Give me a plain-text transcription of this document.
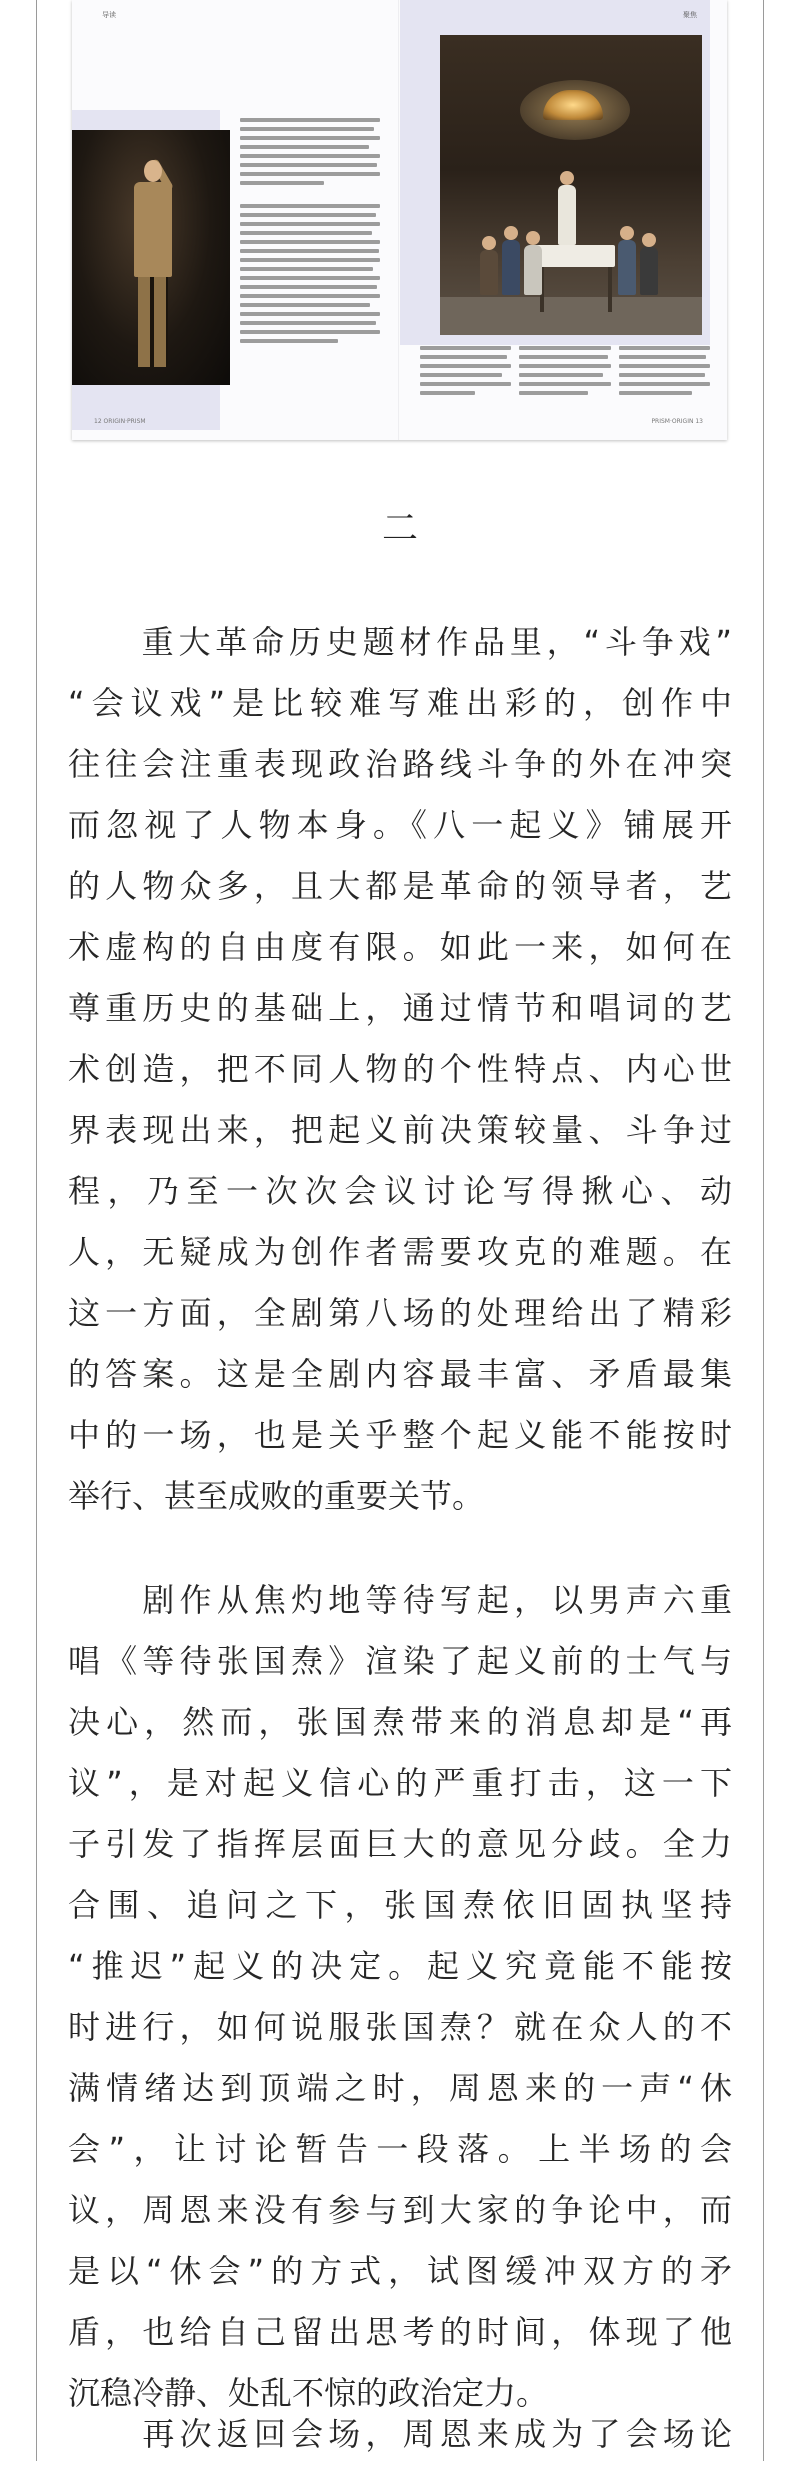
导读
12 ORIGIN·PRISM
聚焦
PRISM·ORIGIN 13
二
　　重大革命历史题材作品里，“斗争戏”
“会议戏”是比较难写难出彩的，创作中
往往会注重表现政治路线斗争的外在冲突
而忽视了人物本身。《八一起义》铺展开
的人物众多，且大都是革命的领导者，艺
术虚构的自由度有限。如此一来，如何在
尊重历史的基础上，通过情节和唱词的艺
术创造，把不同人物的个性特点、内心世
界表现出来，把起义前决策较量、斗争过
程，乃至一次次会议讨论写得揪心、动
人，无疑成为创作者需要攻克的难题。在
这一方面，全剧第八场的处理给出了精彩
的答案。这是全剧内容最丰富、矛盾最集
中的一场，也是关乎整个起义能不能按时
举行、甚至成败的重要关节。
　　剧作从焦灼地等待写起，以男声六重
唱《等待张国焘》渲染了起义前的士气与
决心，然而，张国焘带来的消息却是“再
议”，是对起义信心的严重打击，这一下
子引发了指挥层面巨大的意见分歧。全力
合围、追问之下，张国焘依旧固执坚持
“推迟”起义的决定。起义究竟能不能按
时进行，如何说服张国焘？就在众人的不
满情绪达到顶端之时，周恩来的一声“休
会”，让讨论暂告一段落。上半场的会
议，周恩来没有参与到大家的争论中，而
是以“休会”的方式，试图缓冲双方的矛
盾，也给自己留出思考的时间，体现了他
沉稳冷静、处乱不惊的政治定力。
　　再次返回会场，周恩来成为了会场论
